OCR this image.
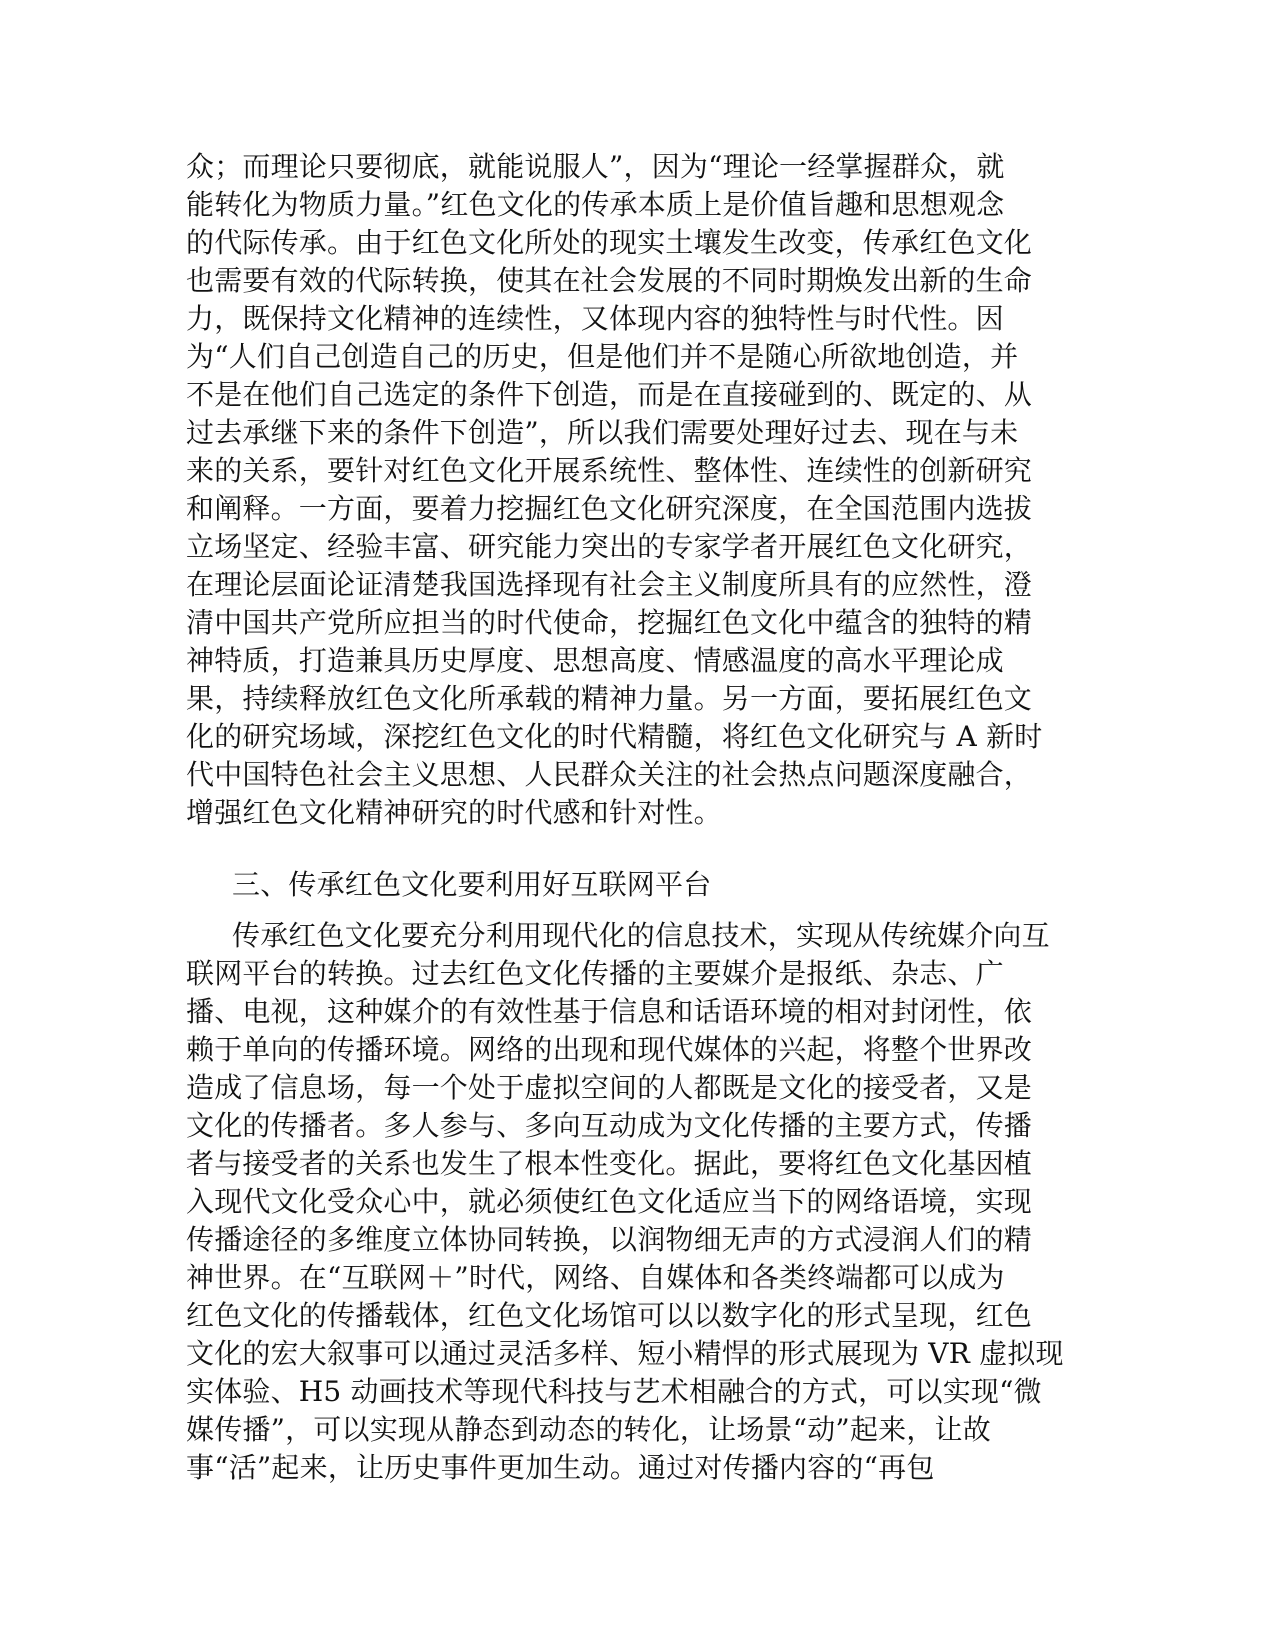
众；而理论只要彻底，就能说服人”，因为“理论一经掌握群众，就
能转化为物质力量。”红色文化的传承本质上是价值旨趣和思想观念
的代际传承。由于红色文化所处的现实土壤发生改变，传承红色文化
也需要有效的代际转换，使其在社会发展的不同时期焕发出新的生命
力，既保持文化精神的连续性，又体现内容的独特性与时代性。因
为“人们自己创造自己的历史，但是他们并不是随心所欲地创造，并
不是在他们自己选定的条件下创造，而是在直接碰到的、既定的、从
过去承继下来的条件下创造”，所以我们需要处理好过去、现在与未
来的关系，要针对红色文化开展系统性、整体性、连续性的创新研究
和阐释。一方面，要着力挖掘红色文化研究深度，在全国范围内选拔
立场坚定、经验丰富、研究能力突出的专家学者开展红色文化研究，
在理论层面论证清楚我国选择现有社会主义制度所具有的应然性，澄
清中国共产党所应担当的时代使命，挖掘红色文化中蕴含的独特的精
神特质，打造兼具历史厚度、思想高度、情感温度的高水平理论成
果，持续释放红色文化所承载的精神力量。另一方面，要拓展红色文
化的研究场域，深挖红色文化的时代精髓，将红色文化研究与 A 新时
代中国特色社会主义思想、人民群众关注的社会热点问题深度融合，
增强红色文化精神研究的时代感和针对性。
三、传承红色文化要利用好互联网平台
传承红色文化要充分利用现代化的信息技术，实现从传统媒介向互
联网平台的转换。过去红色文化传播的主要媒介是报纸、杂志、广
播、电视，这种媒介的有效性基于信息和话语环境的相对封闭性，依
赖于单向的传播环境。网络的出现和现代媒体的兴起，将整个世界改
造成了信息场，每一个处于虚拟空间的人都既是文化的接受者，又是
文化的传播者。多人参与、多向互动成为文化传播的主要方式，传播
者与接受者的关系也发生了根本性变化。据此，要将红色文化基因植
入现代文化受众心中，就必须使红色文化适应当下的网络语境，实现
传播途径的多维度立体协同转换，以润物细无声的方式浸润人们的精
神世界。在“互联网＋”时代，网络、自媒体和各类终端都可以成为
红色文化的传播载体，红色文化场馆可以以数字化的形式呈现，红色
文化的宏大叙事可以通过灵活多样、短小精悍的形式展现为 VR 虚拟现
实体验、H5 动画技术等现代科技与艺术相融合的方式，可以实现“微
媒传播”，可以实现从静态到动态的转化，让场景“动”起来，让故
事“活”起来，让历史事件更加生动。通过对传播内容的“再包
